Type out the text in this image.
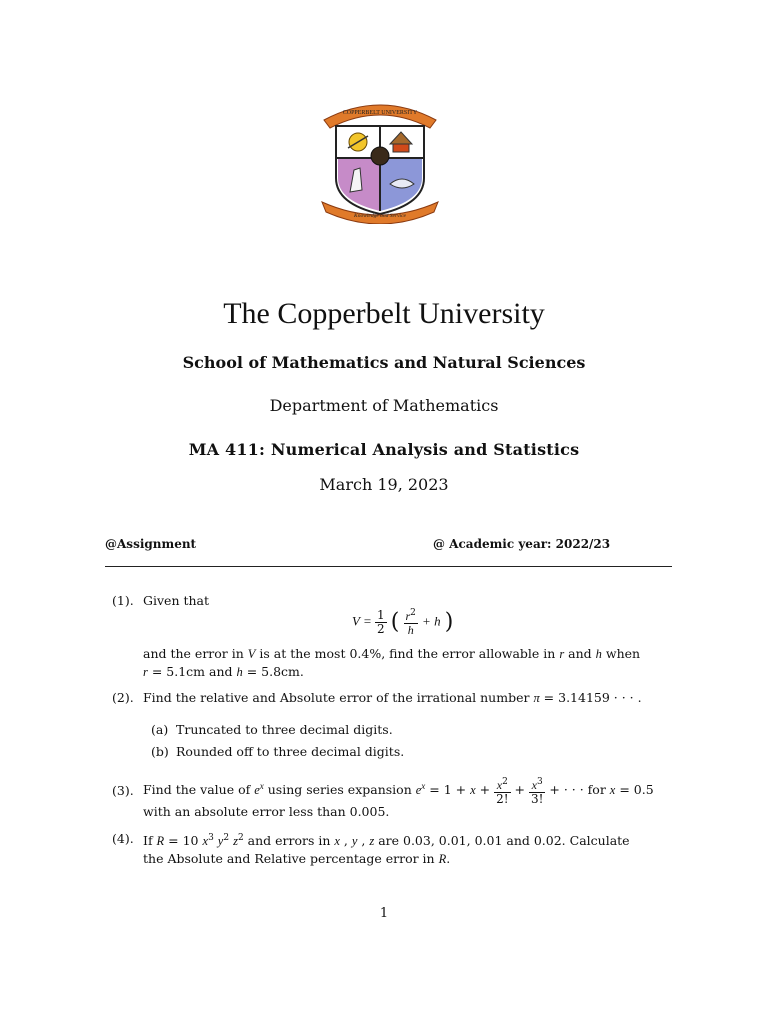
COPPERBELT UNIVERSITY
Knowledge and Service
The Copperbelt University
School of Mathematics and Natural Sciences
Department of Mathematics
MA 411: Numerical Analysis and Statistics
March 19, 2023
@Assignment	@ Academic year: 2022/23
(1). Given that
$V = \frac{1}{2}$ ( $\frac{r^2}{h} + h$ )
and the error in V is at the most 0.4%, find the error allowable in r and h when
r = 5.1cm and h = 5.8cm.
(2). Find the relative and Absolute error of the irrational number π = 3.14159 · · · .
(a) Truncated to three decimal digits.
(b) Rounded off to three decimal digits.
(3). Find the value of $e^x$ using series expansion $e^x = 1 + x + \frac{x^2}{2!} + \frac{x^3}{3!}$ + · · · for x = 0.5
with an absolute error less than 0.005.
(4). If R = 10 $x^3$ $y^2$ $z^2$ and errors in x , y , z are 0.03, 0.01, 0.01 and 0.02. Calculate
the Absolute and Relative percentage error in R.
1
